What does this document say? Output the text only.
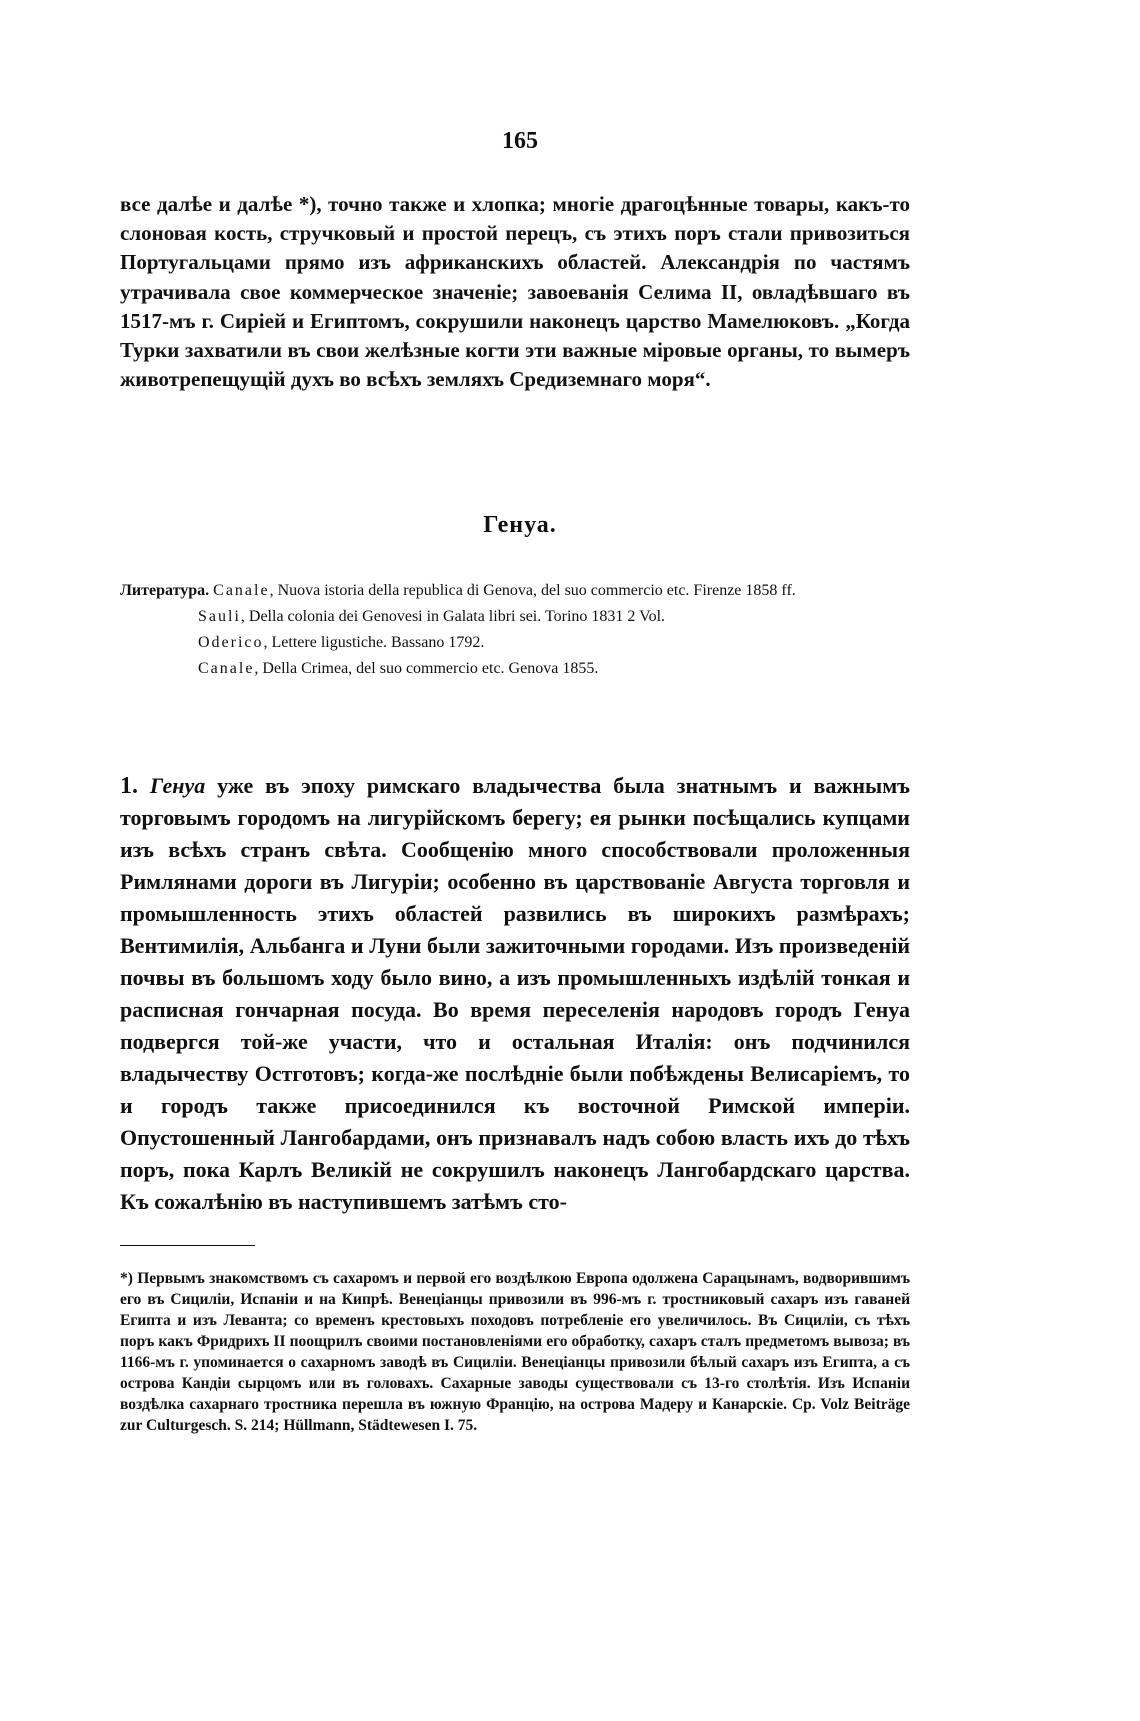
165
все далѣе и далѣе *), точно также и хлопка; многіе драгоцѣнные товары, какъ-то слоновая кость, стручковый и простой перецъ, съ этихъ поръ стали привозиться Португальцами прямо изъ африканскихъ областей. Александрія по частямъ утрачивала свое коммерческое значеніе; завоеванія Селима II, овладѣвшаго въ 1517-мъ г. Сиріей и Египтомъ, сокрушили наконецъ царство Мамелюковъ. „Когда Турки захватили въ свои желѣзные когти эти важные міровые органы, то вымеръ животрепещущій духъ во всѣхъ земляхъ Средиземнаго моря“.
Генуа.

Литература. Canale, Nuova istoria della republica di Genova, del suo commercio etc. Firenze 1858 ff.

Sauli, Della colonia dei Genovesi in Galata libri sei. Torino 1831 2 Vol.

Oderico, Lettere ligustiche. Bassano 1792.

Canale, Della Crimea, del suo commercio etc. Genova 1855.

1. Генуа уже въ эпоху римскаго владычества была знатнымъ и важнымъ торговымъ городомъ на лигурійскомъ берегу; ея рынки посѣщались купцами изъ всѣхъ странъ свѣта. Сообщенію много способствовали проложенныя Римлянами дороги въ Лигуріи; особенно въ царствованіе Августа торговля и промышленность этихъ областей развились въ широкихъ размѣрахъ; Вентимилія, Альбанга и Луни были зажиточными городами. Изъ произведеній почвы въ большомъ ходу было вино, а изъ промышленныхъ издѣлій тонкая и расписная гончарная посуда. Во время переселенія народовъ городъ Генуа подвергся той-же участи, что и остальная Италія: онъ подчинился владычеству Остготовъ; когда-же послѣдніе были побѣждены Велисаріемъ, то и городъ также присоединился къ восточной Римской имперіи. Опустошенный Лангобардами, онъ признавалъ надъ собою власть ихъ до тѣхъ поръ, пока Карлъ Великій не сокрушилъ наконецъ Лангобардскаго царства. Къ сожалѣнію въ наступившемъ затѣмъ сто-
*) Первымъ знакомствомъ съ сахаромъ и первой его воздѣлкою Европа одолжена Сарацынамъ, водворившимъ его въ Сициліи, Испаніи и на Кипрѣ. Венеціанцы привозили въ 996-мъ г. тростниковый сахаръ изъ гаваней Египта и изъ Леванта; со временъ крестовыхъ походовъ потребленіе его увеличилось. Въ Сициліи, съ тѣхъ поръ какъ Фридрихъ II поощрилъ своими постановленіями его обработку, сахаръ сталъ предметомъ вывоза; въ 1166-мъ г. упоминается о сахарномъ заводѣ въ Сициліи. Венеціанцы привозили бѣлый сахаръ изъ Египта, а съ острова Кандіи сырцомъ или въ головахъ. Сахарные заводы существовали съ 13-го столѣтія. Изъ Испаніи воздѣлка сахарнаго тростника перешла въ южную Францію, на острова Мадеру и Канарскіе. Cp. Volz Beiträge zur Culturgesch. S. 214; Hüllmann, Städtewesen I. 75.
